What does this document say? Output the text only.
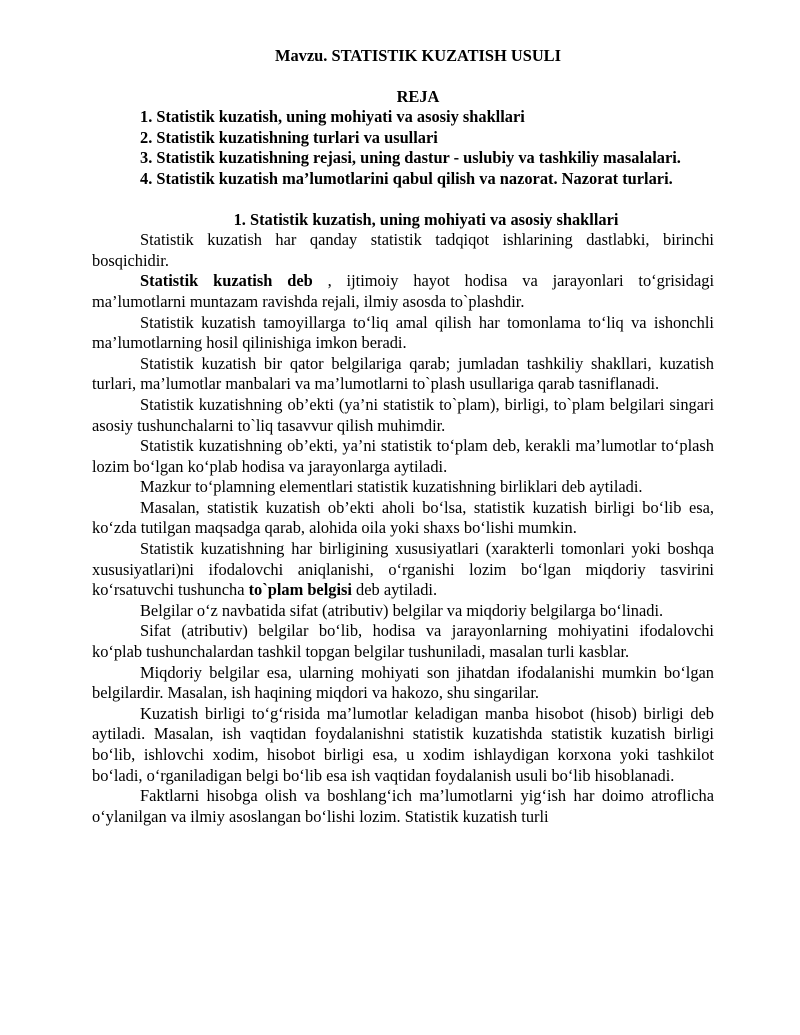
Mavzu. STATISTIK KUZATISH USULI

REJA

1. Statistik kuzatish, uning mohiyati va asosiy shakllari

2. Statistik kuzatishning turlari va usullari

3. Statistik kuzatishning rejasi, uning dastur - uslubiy va tashkiliy masalalari.

4. Statistik kuzatish ma’lumotlarini qabul qilish va nazorat. Nazorat turlari.

1. Statistik kuzatish, uning mohiyati va asosiy shakllari

Statistik kuzatish har qanday statistik tadqiqot ishlarining dastlabki, birinchi bosqichidir.

Statistik kuzatish deb , ijtimoiy hayot hodisa va jarayonlari to‘grisidagi ma’lumotlarni muntazam ravishda rejali, ilmiy asosda to`plashdir.

Statistik kuzatish tamoyillarga to‘liq amal qilish har tomonlama to‘liq va ishonchli ma’lumotlarning hosil qilinishiga imkon beradi.

Statistik kuzatish bir qator belgilariga qarab; jumladan tashkiliy shakllari, kuzatish turlari, ma’lumotlar manbalari va ma’lumotlarni to`plash usullariga qarab tasniflanadi.

Statistik kuzatishning ob’ekti (ya’ni statistik to`plam), birligi, to`plam belgilari singari asosiy tushunchalarni to`liq tasavvur qilish muhimdir.

Statistik kuzatishning ob’ekti, ya’ni statistik to‘plam deb, kerakli ma’lumotlar to‘plash lozim bo‘lgan ko‘plab hodisa va jarayonlarga aytiladi.

Mazkur to‘plamning elementlari statistik kuzatishning birliklari deb aytiladi.

Masalan, statistik kuzatish ob’ekti aholi bo‘lsa, statistik kuzatish birligi bo‘lib esa, ko‘zda tutilgan maqsadga qarab, alohida oila yoki shaxs bo‘lishi mumkin.

Statistik kuzatishning har birligining xususiyatlari (xarakterli tomonlari yoki boshqa xususiyatlari)ni ifodalovchi aniqlanishi, o‘rganishi lozim bo‘lgan miqdoriy tasvirini ko‘rsatuvchi tushuncha to`plam belgisi deb aytiladi.

Belgilar o‘z navbatida sifat (atributiv) belgilar va miqdoriy belgilarga bo‘linadi.

Sifat (atributiv) belgilar bo‘lib, hodisa va jarayonlarning mohiyatini ifodalovchi ko‘plab tushunchalardan tashkil topgan belgilar tushuniladi, masalan turli kasblar.

Miqdoriy belgilar esa, ularning mohiyati son jihatdan ifodalanishi mumkin bo‘lgan belgilardir. Masalan, ish haqining miqdori va hakozo, shu singarilar.

Kuzatish birligi to‘g‘risida ma’lumotlar keladigan manba hisobot (hisob) birligi deb aytiladi. Masalan, ish vaqtidan foydalanishni statistik kuzatishda statistik kuzatish birligi bo‘lib, ishlovchi xodim, hisobot birligi esa, u xodim ishlaydigan korxona yoki tashkilot bo‘ladi, o‘rganiladigan belgi bo‘lib esa ish vaqtidan foydalanish usuli bo‘lib hisoblanadi.

Faktlarni hisobga olish va boshlang‘ich ma’lumotlarni yig‘ish har doimo atroflicha o‘ylanilgan va ilmiy asoslangan bo‘lishi lozim. Statistik kuzatish turli
